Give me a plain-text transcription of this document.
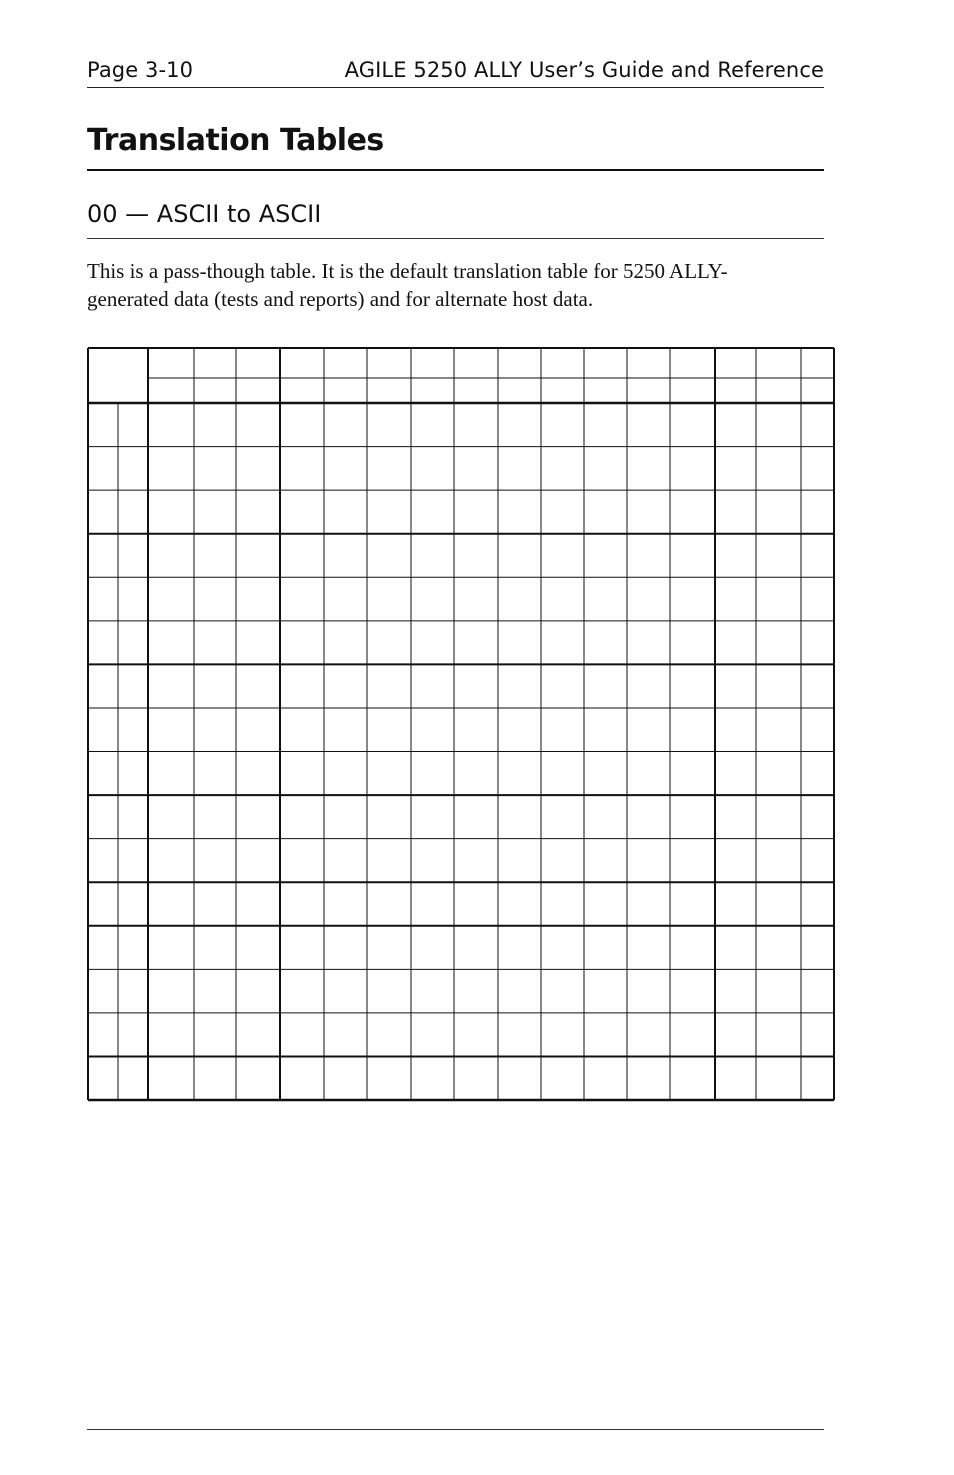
Page 3-10	AGILE 5250 ALLY User’s Guide and Reference
Translation Tables
00 — ASCII to ASCII
This is a pass-though table. It is the default translation table for 5250 ALLY-generated data (tests and reports) and for alternate host data.
